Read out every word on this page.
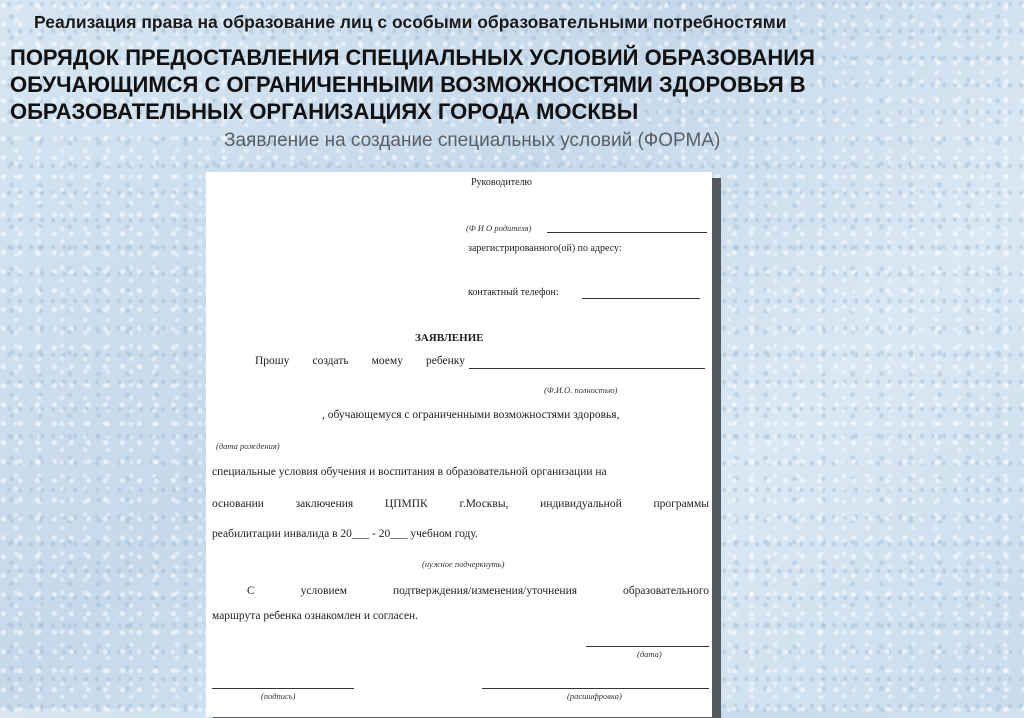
Реализация права на образование лиц с особыми образовательными потребностями
ПОРЯДОК ПРЕДОСТАВЛЕНИЯ СПЕЦИАЛЬНЫХ УСЛОВИЙ ОБРАЗОВАНИЯ
ОБУЧАЮЩИМСЯ С ОГРАНИЧЕННЫМИ ВОЗМОЖНОСТЯМИ ЗДОРОВЬЯ В
ОБРАЗОВАТЕЛЬНЫХ ОРГАНИЗАЦИЯХ ГОРОДА МОСКВЫ
Заявление на создание специальных условий (ФОРМА)
Руководителю
(Ф И О родителя)
зарегистрированного(ой) по адресу:
контактный телефон:
ЗАЯВЛЕНИЕ
Прошу создать моему ребенку
(Ф.И.О. полностью)
, обучающемуся с ограниченными возможностями здоровья,
(дата рождения)
специальные условия обучения и воспитания в образовательной организации на
основании	заключения	ЦПМПК	г.Москвы,	индивидуальной	программы
реабилитации инвалида в 20___ - 20___ учебном году.
(нужное подчеркнуть)
С	условием	подтверждения/изменения/уточнения	образовательного
маршрута ребенка ознакомлен и согласен.
(дата)
(подпись)	(расшифровка)
